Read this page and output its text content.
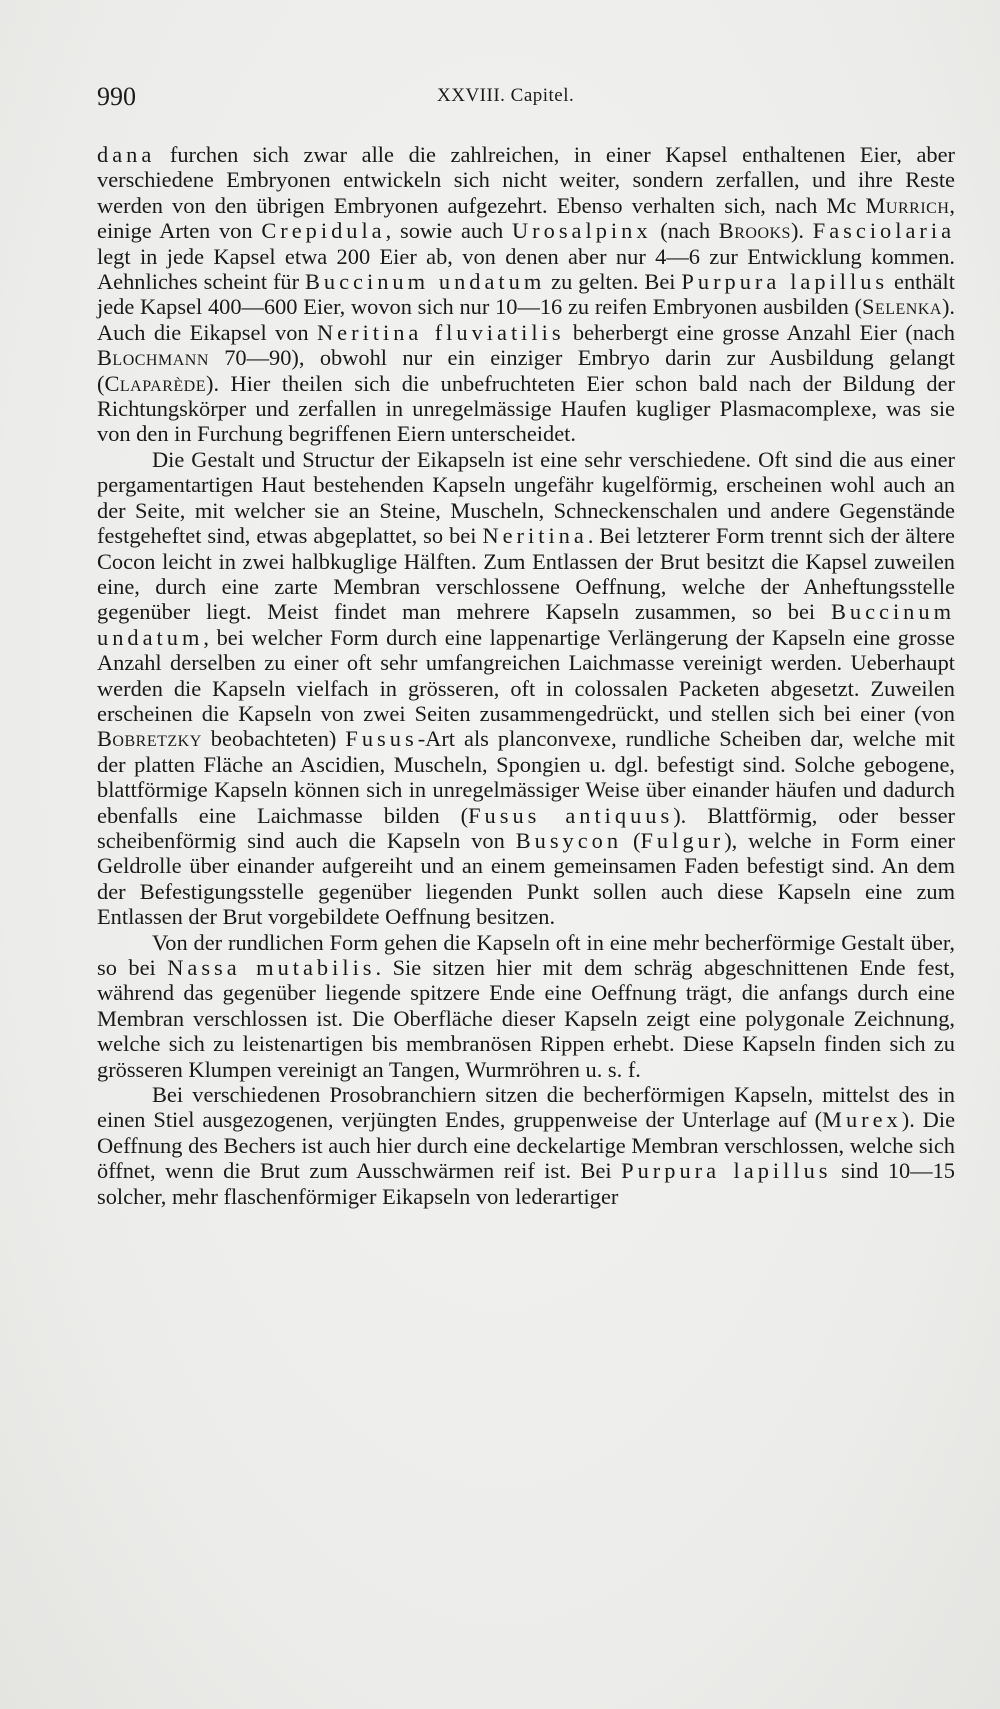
990	XXVIII. Capitel.

dana furchen sich zwar alle die zahlreichen, in einer Kapsel enthaltenen Eier, aber verschiedene Embryonen entwickeln sich nicht weiter, sondern zerfallen, und ihre Reste werden von den übrigen Embryonen aufgezehrt. Ebenso verhalten sich, nach Mc Murrich, einige Arten von Crepidula, sowie auch Urosalpinx (nach Brooks). Fasciolaria legt in jede Kapsel etwa 200 Eier ab, von denen aber nur 4—6 zur Entwicklung kommen. Aehnliches scheint für Buccinum undatum zu gelten. Bei Purpura lapillus enthält jede Kapsel 400—600 Eier, wovon sich nur 10—16 zu reifen Embryonen ausbilden (Selenka). Auch die Eikapsel von Neritina fluviatilis beherbergt eine grosse Anzahl Eier (nach Blochmann 70—90), obwohl nur ein einziger Embryo darin zur Ausbildung gelangt (Claparède). Hier theilen sich die unbefruchteten Eier schon bald nach der Bildung der Richtungskörper und zerfallen in unregelmässige Haufen kugliger Plasmacomplexe, was sie von den in Furchung begriffenen Eiern unterscheidet.

Die Gestalt und Structur der Eikapseln ist eine sehr verschiedene. Oft sind die aus einer pergamentartigen Haut bestehenden Kapseln ungefähr kugelförmig, erscheinen wohl auch an der Seite, mit welcher sie an Steine, Muscheln, Schneckenschalen und andere Gegenstände festgeheftet sind, etwas abgeplattet, so bei Neritina. Bei letzterer Form trennt sich der ältere Cocon leicht in zwei halbkuglige Hälften. Zum Entlassen der Brut besitzt die Kapsel zuweilen eine, durch eine zarte Membran verschlossene Oeffnung, welche der Anheftungsstelle gegenüber liegt. Meist findet man mehrere Kapseln zusammen, so bei Buccinum undatum, bei welcher Form durch eine lappenartige Verlängerung der Kapseln eine grosse Anzahl derselben zu einer oft sehr umfangreichen Laichmasse vereinigt werden. Ueberhaupt werden die Kapseln vielfach in grösseren, oft in colossalen Packeten abgesetzt. Zuweilen erscheinen die Kapseln von zwei Seiten zusammengedrückt, und stellen sich bei einer (von Bobretzky beobachteten) Fusus-Art als planconvexe, rundliche Scheiben dar, welche mit der platten Fläche an Ascidien, Muscheln, Spongien u. dgl. befestigt sind. Solche gebogene, blattförmige Kapseln können sich in unregelmässiger Weise über einander häufen und dadurch ebenfalls eine Laichmasse bilden (Fusus antiquus). Blattförmig, oder besser scheibenförmig sind auch die Kapseln von Busycon (Fulgur), welche in Form einer Geldrolle über einander aufgereiht und an einem gemeinsamen Faden befestigt sind. An dem der Befestigungsstelle gegenüber liegenden Punkt sollen auch diese Kapseln eine zum Entlassen der Brut vorgebildete Oeffnung besitzen.

Von der rundlichen Form gehen die Kapseln oft in eine mehr becherförmige Gestalt über, so bei Nassa mutabilis. Sie sitzen hier mit dem schräg abgeschnittenen Ende fest, während das gegenüber liegende spitzere Ende eine Oeffnung trägt, die anfangs durch eine Membran verschlossen ist. Die Oberfläche dieser Kapseln zeigt eine polygonale Zeichnung, welche sich zu leistenartigen bis membranösen Rippen erhebt. Diese Kapseln finden sich zu grösseren Klumpen vereinigt an Tangen, Wurmröhren u. s. f.

Bei verschiedenen Prosobranchiern sitzen die becherförmigen Kapseln, mittelst des in einen Stiel ausgezogenen, verjüngten Endes, gruppenweise der Unterlage auf (Murex). Die Oeffnung des Bechers ist auch hier durch eine deckelartige Membran verschlossen, welche sich öffnet, wenn die Brut zum Ausschwärmen reif ist. Bei Purpura lapillus sind 10—15 solcher, mehr flaschenförmiger Eikapseln von lederartiger
